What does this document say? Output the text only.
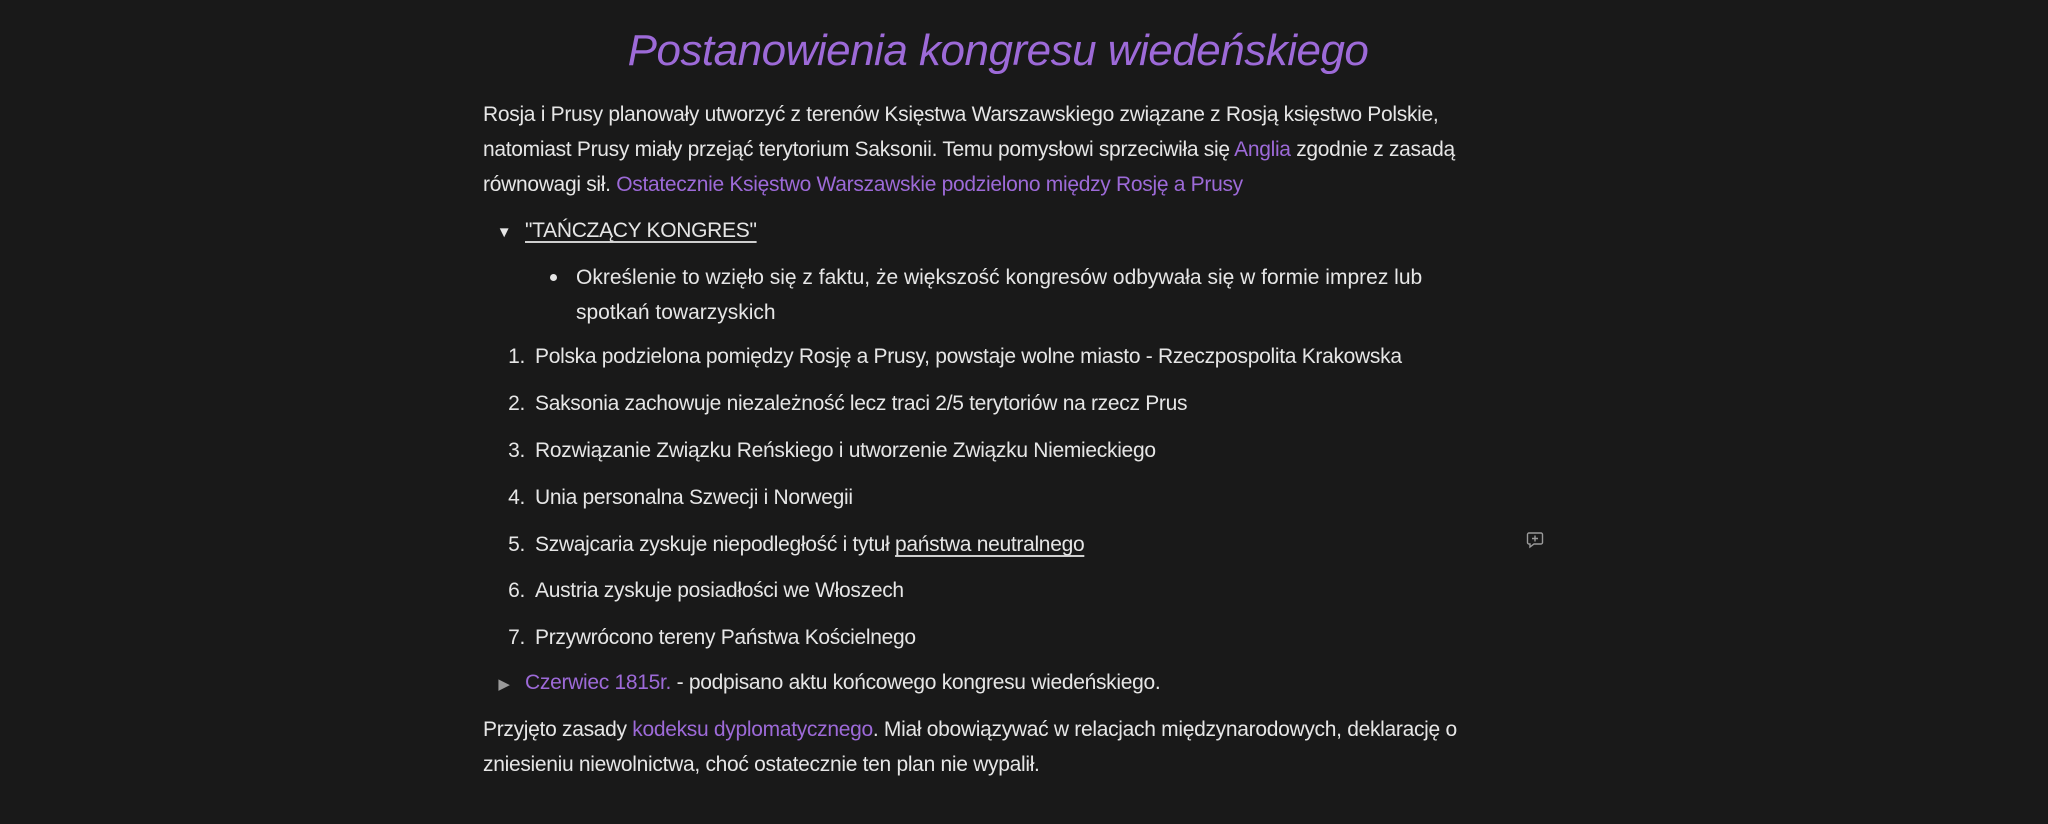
Postanowienia kongresu wiedeńskiego
Rosja i Prusy planowały utworzyć z terenów Księstwa Warszawskiego związane z Rosją księstwo Polskie, natomiast Prusy miały przejąć terytorium Saksonii. Temu pomysłowi sprzeciwiła się Anglia zgodnie z zasadą równowagi sił. Ostatecznie Księstwo Warszawskie podzielono między Rosję a Prusy
▼ "TAŃCZĄCY KONGRES"
Określenie to wzięło się z faktu, że większość kongresów odbywała się w formie imprez lub spotkań towarzyskich
1. Polska podzielona pomiędzy Rosję a Prusy, powstaje wolne miasto - Rzeczpospolita Krakowska
2. Saksonia zachowuje niezależność lecz traci 2/5 terytoriów na rzecz Prus
3. Rozwiązanie Związku Reńskiego i utworzenie Związku Niemieckiego
4. Unia personalna Szwecji i Norwegii
5. Szwajcaria zyskuje niepodległość i tytuł państwa neutralnego
6. Austria zyskuje posiadłości we Włoszech
7. Przywrócono tereny Państwa Kościelnego
▶ Czerwiec 1815r. - podpisano aktu końcowego kongresu wiedeńskiego.
Przyjęto zasady kodeksu dyplomatycznego. Miał obowiązywać w relacjach międzynarodowych, deklarację o zniesieniu niewolnictwa, choć ostatecznie ten plan nie wypalił.
